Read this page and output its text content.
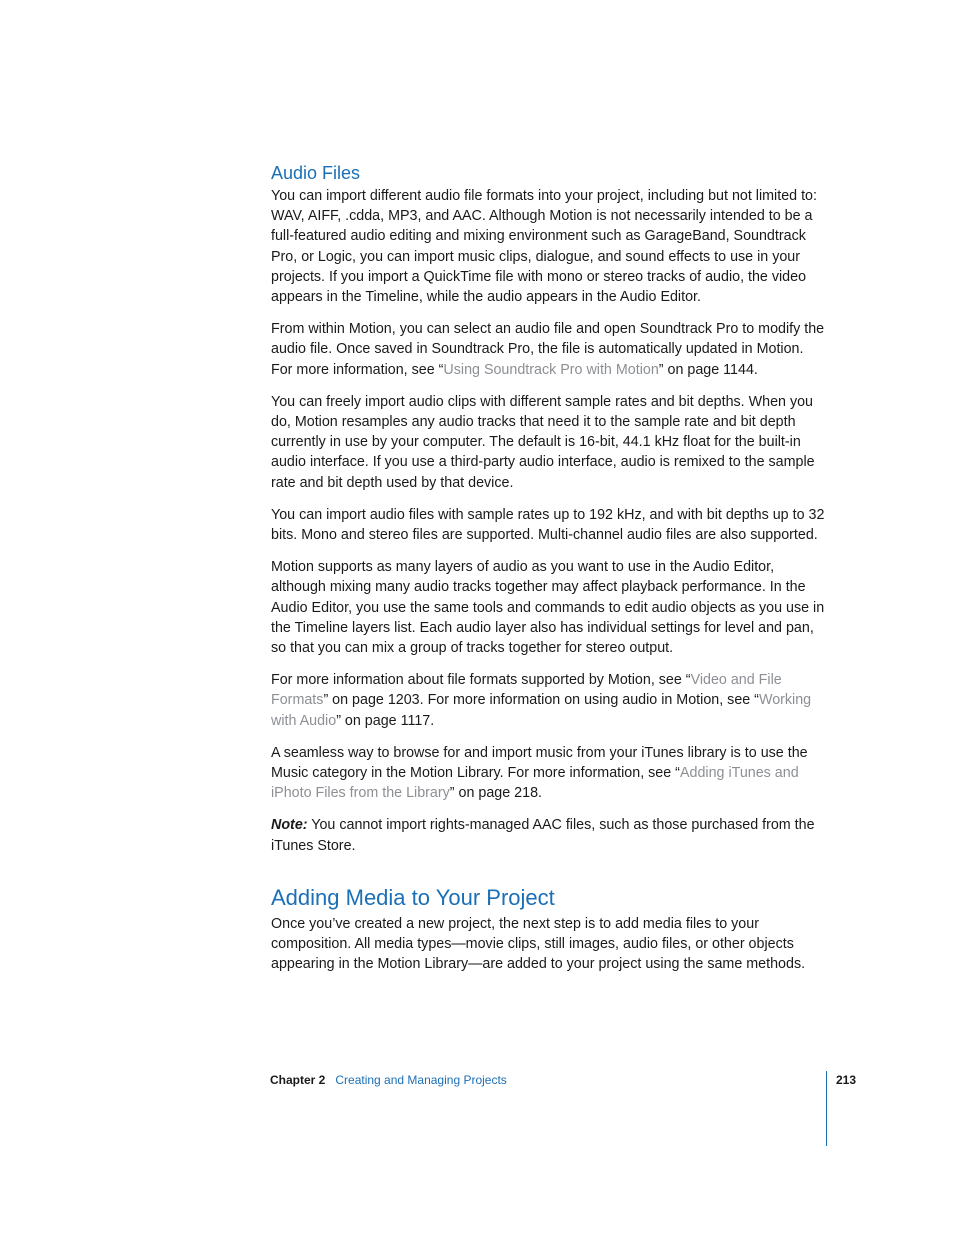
Audio Files

You can import different audio file formats into your project, including but not limited to: WAV, AIFF, .cdda, MP3, and AAC. Although Motion is not necessarily intended to be a full-featured audio editing and mixing environment such as GarageBand, Soundtrack Pro, or Logic, you can import music clips, dialogue, and sound effects to use in your projects. If you import a QuickTime file with mono or stereo tracks of audio, the video appears in the Timeline, while the audio appears in the Audio Editor.

From within Motion, you can select an audio file and open Soundtrack Pro to modify the audio file. Once saved in Soundtrack Pro, the file is automatically updated in Motion. For more information, see “Using Soundtrack Pro with Motion” on page 1144.

You can freely import audio clips with different sample rates and bit depths. When you do, Motion resamples any audio tracks that need it to the sample rate and bit depth currently in use by your computer. The default is 16-bit, 44.1 kHz float for the built-in audio interface. If you use a third-party audio interface, audio is remixed to the sample rate and bit depth used by that device.

You can import audio files with sample rates up to 192 kHz, and with bit depths up to 32 bits. Mono and stereo files are supported. Multi-channel audio files are also supported.

Motion supports as many layers of audio as you want to use in the Audio Editor, although mixing many audio tracks together may affect playback performance. In the Audio Editor, you use the same tools and commands to edit audio objects as you use in the Timeline layers list. Each audio layer also has individual settings for level and pan, so that you can mix a group of tracks together for stereo output.

For more information about file formats supported by Motion, see “Video and File Formats” on page 1203. For more information on using audio in Motion, see “Working with Audio” on page 1117.

A seamless way to browse for and import music from your iTunes library is to use the Music category in the Motion Library. For more information, see “Adding iTunes and iPhoto Files from the Library” on page 218.

Note: You cannot import rights-managed AAC files, such as those purchased from the iTunes Store.

Adding Media to Your Project

Once you’ve created a new project, the next step is to add media files to your composition. All media types—movie clips, still images, audio files, or other objects appearing in the Motion Library—are added to your project using the same methods.

Chapter 2 Creating and Managing Projects	213
